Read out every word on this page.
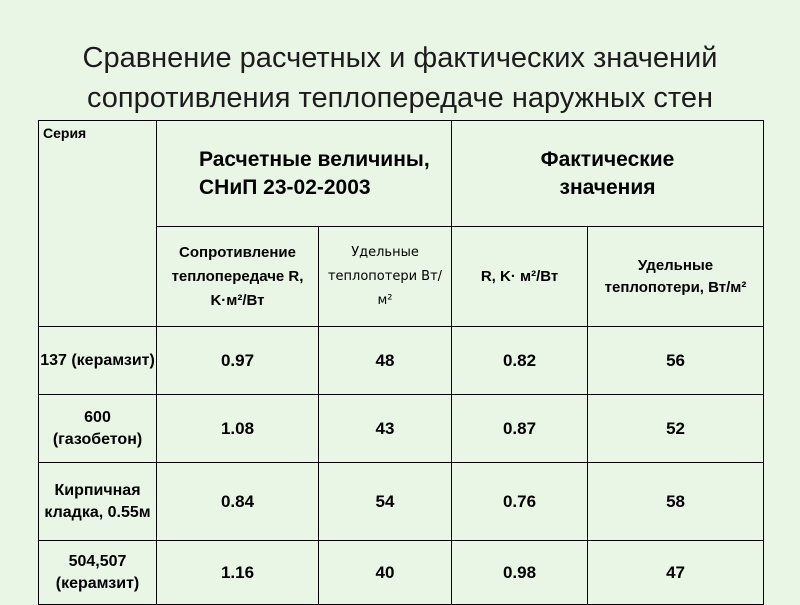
Сравнение расчетных и фактических значений
сопротивления теплопередаче наружных стен
Серия	Расчетные величины, СНиП 23-02-2003		Фактические значения	
	Сопротивление теплопередаче R, K·м²/Вт	Удельные теплопотери Вт/м²	R, K· м²/Вт	Удельные теплопотери, Вт/м²
137 (керамзит)	0.97	48	0.82	56
600 (газобетон)	1.08	43	0.87	52
Кирпичная кладка, 0.55м	0.84	54	0.76	58
504,507 (керамзит)	1.16	40	0.98	47
